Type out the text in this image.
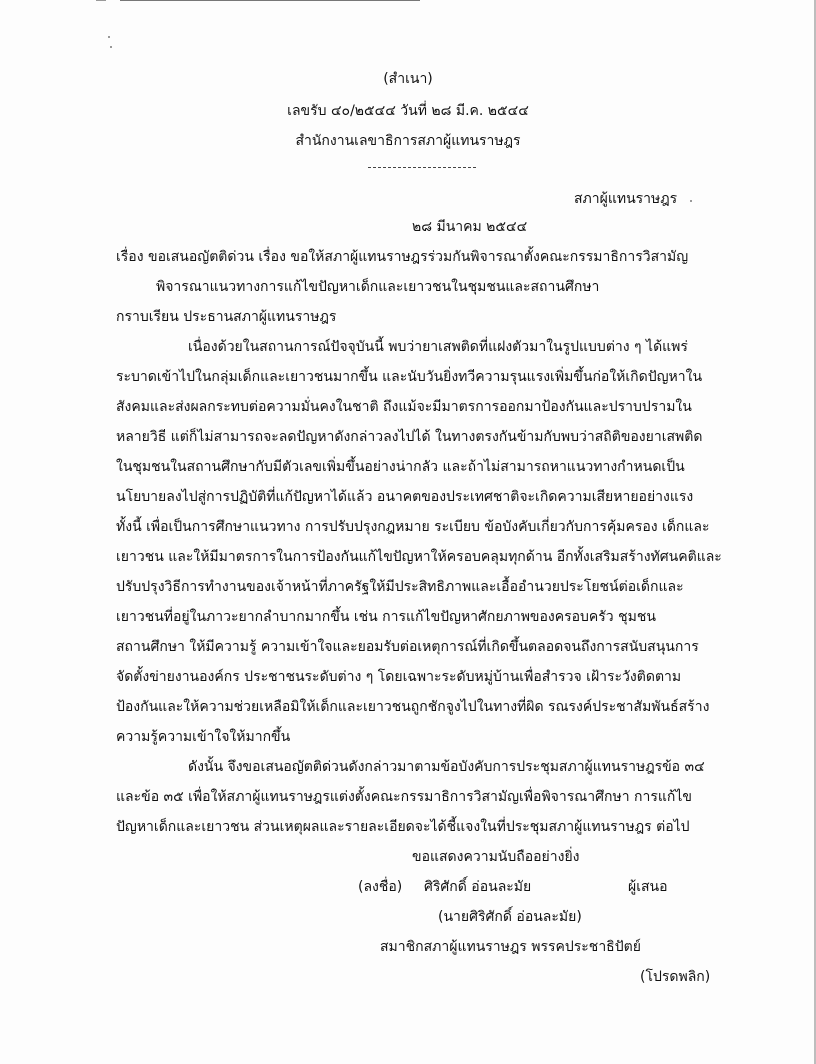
(สำเนา)
เลขรับ ๔๐/๒๕๔๔ วันที่ ๒๘ มี.ค. ๒๕๔๔
สำนักงานเลขาธิการสภาผู้แทนราษฎร
สภาผู้แทนราษฎร
๒๘ มีนาคม ๒๕๔๔
เรื่อง ขอเสนอญัตติด่วน เรื่อง ขอให้สภาผู้แทนราษฎรร่วมกันพิจารณาตั้งคณะกรรมาธิการวิสามัญ
พิจารณาแนวทางการแก้ไขปัญหาเด็กและเยาวชนในชุมชนและสถานศึกษา
กราบเรียน ประธานสภาผู้แทนราษฎร
เนื่องด้วยในสถานการณ์ปัจจุบันนี้ พบว่ายาเสพติดที่แฝงตัวมาในรูปแบบต่าง ๆ ได้แพร่
ระบาดเข้าไปในกลุ่มเด็กและเยาวชนมากขึ้น และนับวันยิ่งทวีความรุนแรงเพิ่มขึ้นก่อให้เกิดปัญหาใน
สังคมและส่งผลกระทบต่อความมั่นคงในชาติ ถึงแม้จะมีมาตรการออกมาป้องกันและปราบปรามใน
หลายวิธี แต่ก็ไม่สามารถจะลดปัญหาดังกล่าวลงไปได้ ในทางตรงกันข้ามกับพบว่าสถิติของยาเสพติด
ในชุมชนในสถานศึกษากับมีตัวเลขเพิ่มขึ้นอย่างน่ากลัว และถ้าไม่สามารถหาแนวทางกำหนดเป็น
นโยบายลงไปสู่การปฏิบัติที่แก้ปัญหาได้แล้ว อนาคตของประเทศชาติจะเกิดความเสียหายอย่างแรง
ทั้งนี้ เพื่อเป็นการศึกษาแนวทาง การปรับปรุงกฎหมาย ระเบียบ ข้อบังคับเกี่ยวกับการคุ้มครอง เด็กและ
เยาวชน และให้มีมาตรการในการป้องกันแก้ไขปัญหาให้ครอบคลุมทุกด้าน อีกทั้งเสริมสร้างทัศนคติและ
ปรับปรุงวิธีการทำงานของเจ้าหน้าที่ภาครัฐให้มีประสิทธิภาพและเอื้ออำนวยประโยชน์ต่อเด็กและ
เยาวชนที่อยู่ในภาวะยากลำบากมากขึ้น เช่น การแก้ไขปัญหาศักยภาพของครอบครัว ชุมชน
สถานศึกษา ให้มีความรู้ ความเข้าใจและยอมรับต่อเหตุการณ์ที่เกิดขึ้นตลอดจนถึงการสนับสนุนการ
จัดตั้งข่ายงานองค์กร ประชาชนระดับต่าง ๆ โดยเฉพาะระดับหมู่บ้านเพื่อสำรวจ เฝ้าระวังติดตาม
ป้องกันและให้ความช่วยเหลือมิให้เด็กและเยาวชนถูกชักจูงไปในทางที่ผิด รณรงค์ประชาสัมพันธ์สร้าง
ความรู้ความเข้าใจให้มากขึ้น
ดังนั้น จึงขอเสนอญัตติด่วนดังกล่าวมาตามข้อบังคับการประชุมสภาผู้แทนราษฎรข้อ ๓๔
และข้อ ๓๕ เพื่อให้สภาผู้แทนราษฎรแต่งตั้งคณะกรรมาธิการวิสามัญเพื่อพิจารณาศึกษา การแก้ไข
ปัญหาเด็กและเยาวชน ส่วนเหตุผลและรายละเอียดจะได้ชี้แจงในที่ประชุมสภาผู้แทนราษฎร ต่อไป
ขอแสดงความนับถืออย่างยิ่ง
(ลงชื่อ) ศิริศักดิ์ อ่อนละมัย	ผู้เสนอ
(นายศิริศักดิ์ อ่อนละมัย)
สมาชิกสภาผู้แทนราษฎร พรรคประชาธิปัตย์
(โปรดพลิก)
